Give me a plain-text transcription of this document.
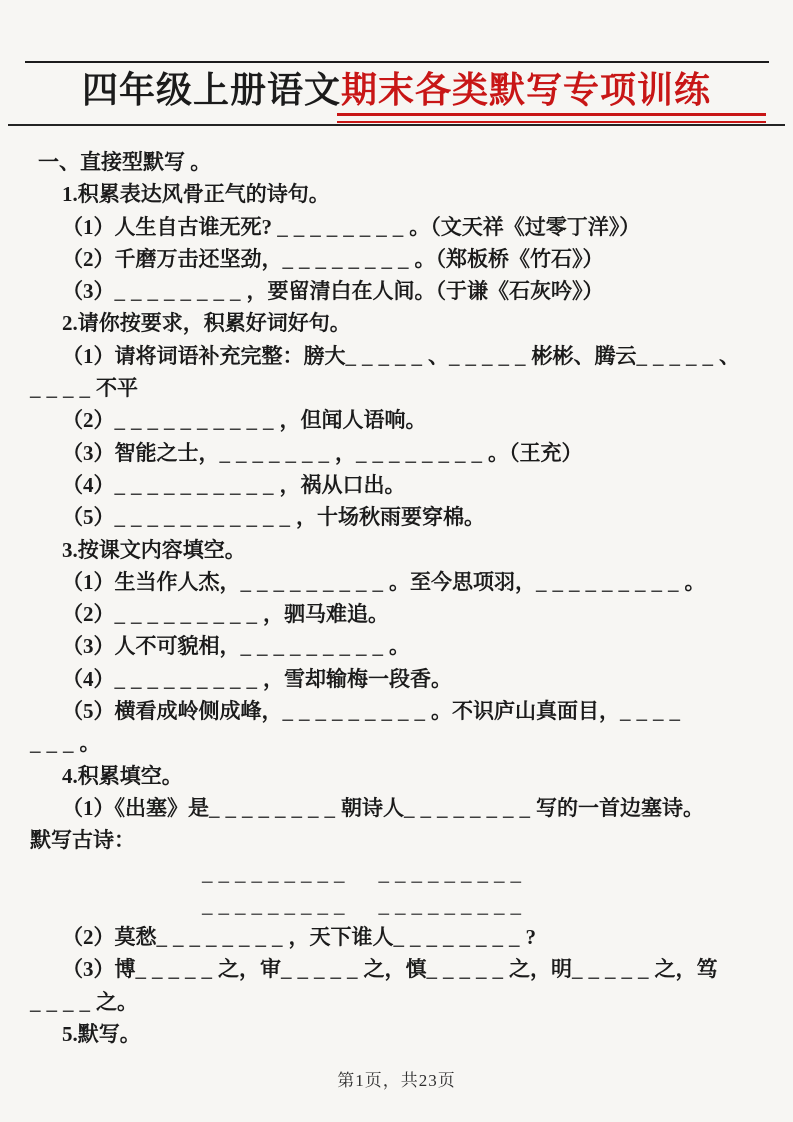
四年级上册语文期末各类默写专项训练
一、直接型默写 。
1.积累表达风骨正气的诗句。
（1）人生自古谁无死? ________。（文天祥《过零丁洋》）
（2）千磨万击还坚劲，________。（郑板桥《竹石》）
（3）________，要留清白在人间。（于谦《石灰吟》）
2.请你按要求，积累好词好句。
（1）请将词语补充完整：膀大_____、_____彬彬、腾云_____、
____不平
（2）__________，但闻人语响。
（3）智能之士，_______，________。（王充）
（4）__________，祸从口出。
（5）___________，十场秋雨要穿棉。
3.按课文内容填空。
（1）生当作人杰，_________。至今思项羽，_________。
（2）_________，驷马难追。
（3）人不可貌相，_________。
（4）_________，雪却输梅一段香。
（5）横看成岭侧成峰，_________。不识庐山真面目，____
___。
4.积累填空。
（1）《出塞》是________朝诗人________写的一首边塞诗。
默写古诗：
_________ _________
_________ _________
（2）莫愁________，天下谁人________?
（3）博_____之，审_____之，慎_____之，明_____之，笃
____之。
5.默写。
第1页，共23页
